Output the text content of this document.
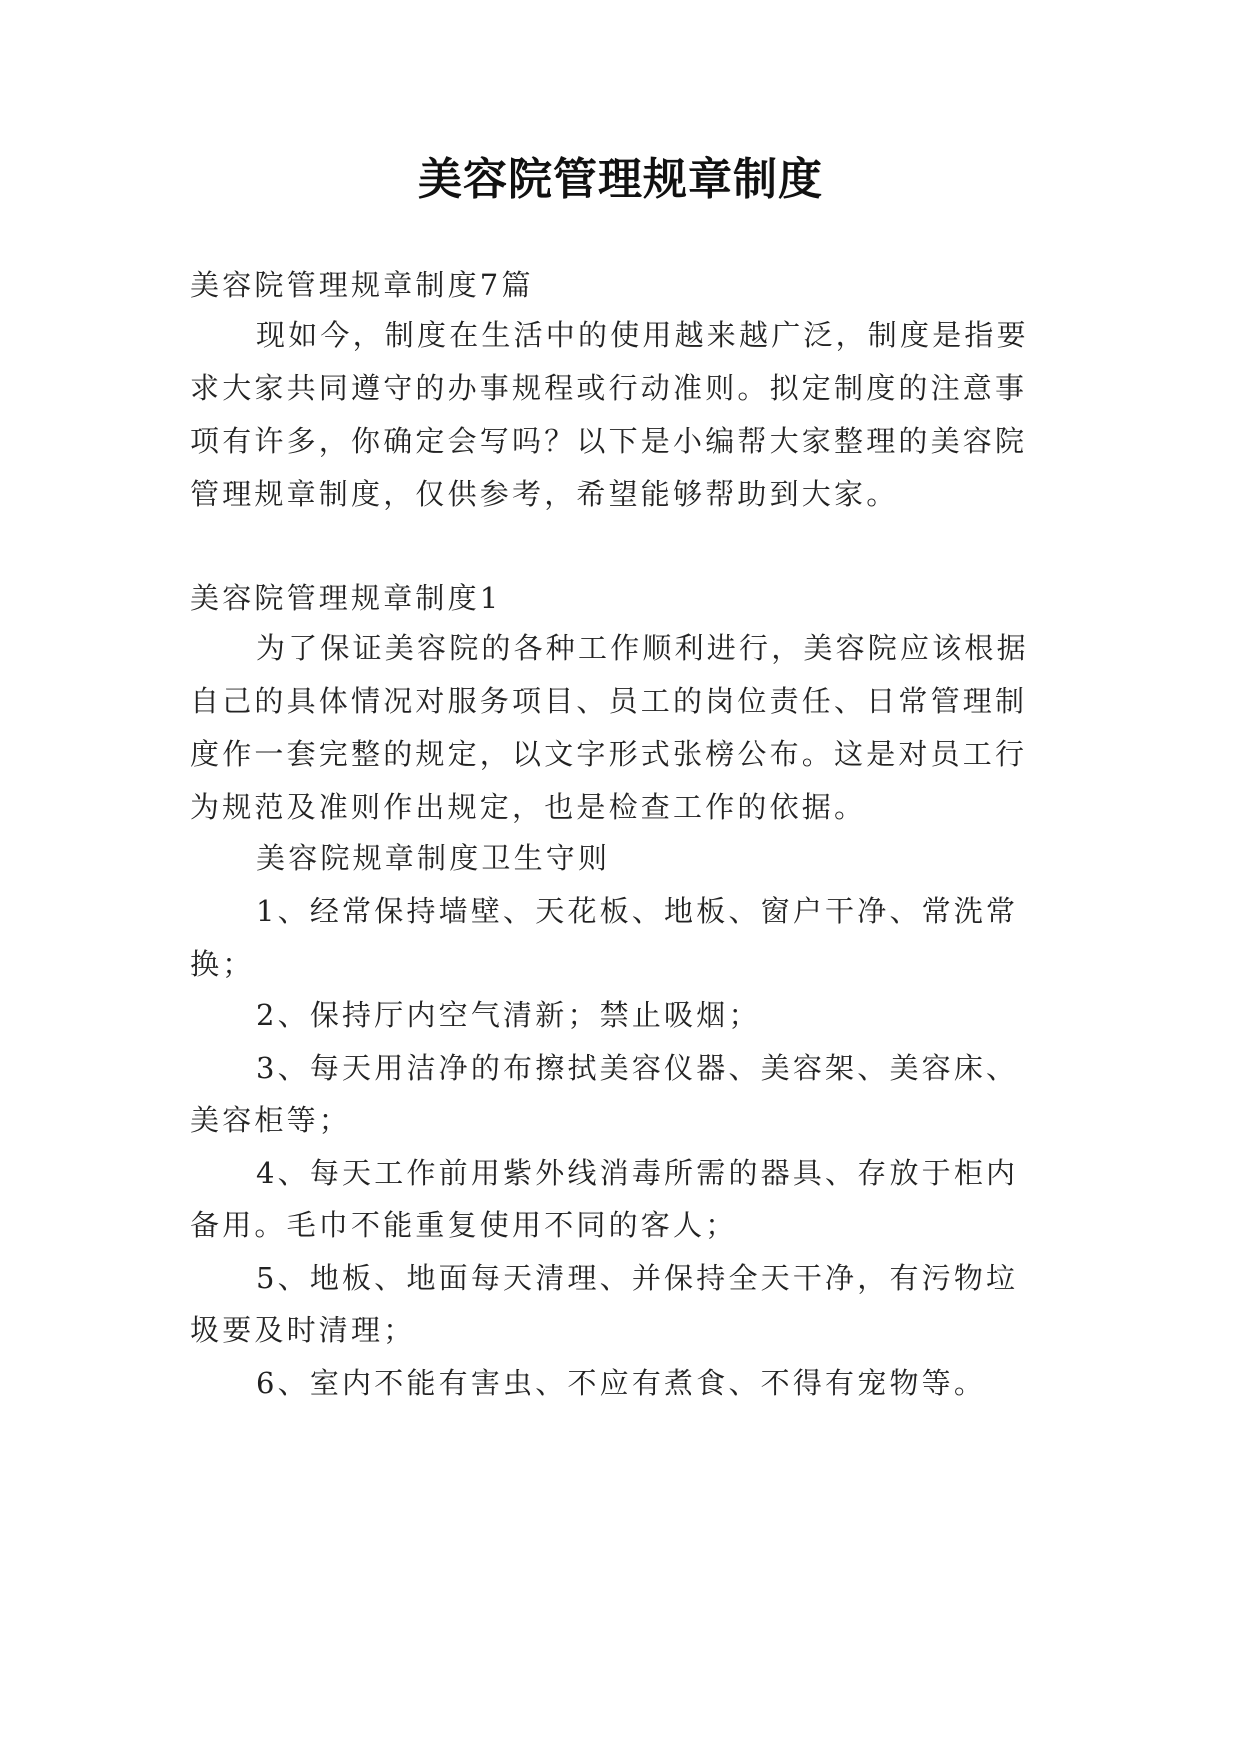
美容院管理规章制度
美容院管理规章制度7篇
现如今，制度在生活中的使用越来越广泛，制度是指要
求大家共同遵守的办事规程或行动准则。拟定制度的注意事
项有许多，你确定会写吗？以下是小编帮大家整理的美容院
管理规章制度，仅供参考，希望能够帮助到大家。
美容院管理规章制度1
为了保证美容院的各种工作顺利进行，美容院应该根据
自己的具体情况对服务项目、员工的岗位责任、日常管理制
度作一套完整的规定，以文字形式张榜公布。这是对员工行
为规范及准则作出规定，也是检查工作的依据。
美容院规章制度卫生守则
1、经常保持墙壁、天花板、地板、窗户干净、常洗常
换；
2、保持厅内空气清新；禁止吸烟；
3、每天用洁净的布擦拭美容仪器、美容架、美容床、
美容柜等；
4、每天工作前用紫外线消毒所需的器具、存放于柜内
备用。毛巾不能重复使用不同的客人；
5、地板、地面每天清理、并保持全天干净，有污物垃
圾要及时清理；
6、室内不能有害虫、不应有煮食、不得有宠物等。
